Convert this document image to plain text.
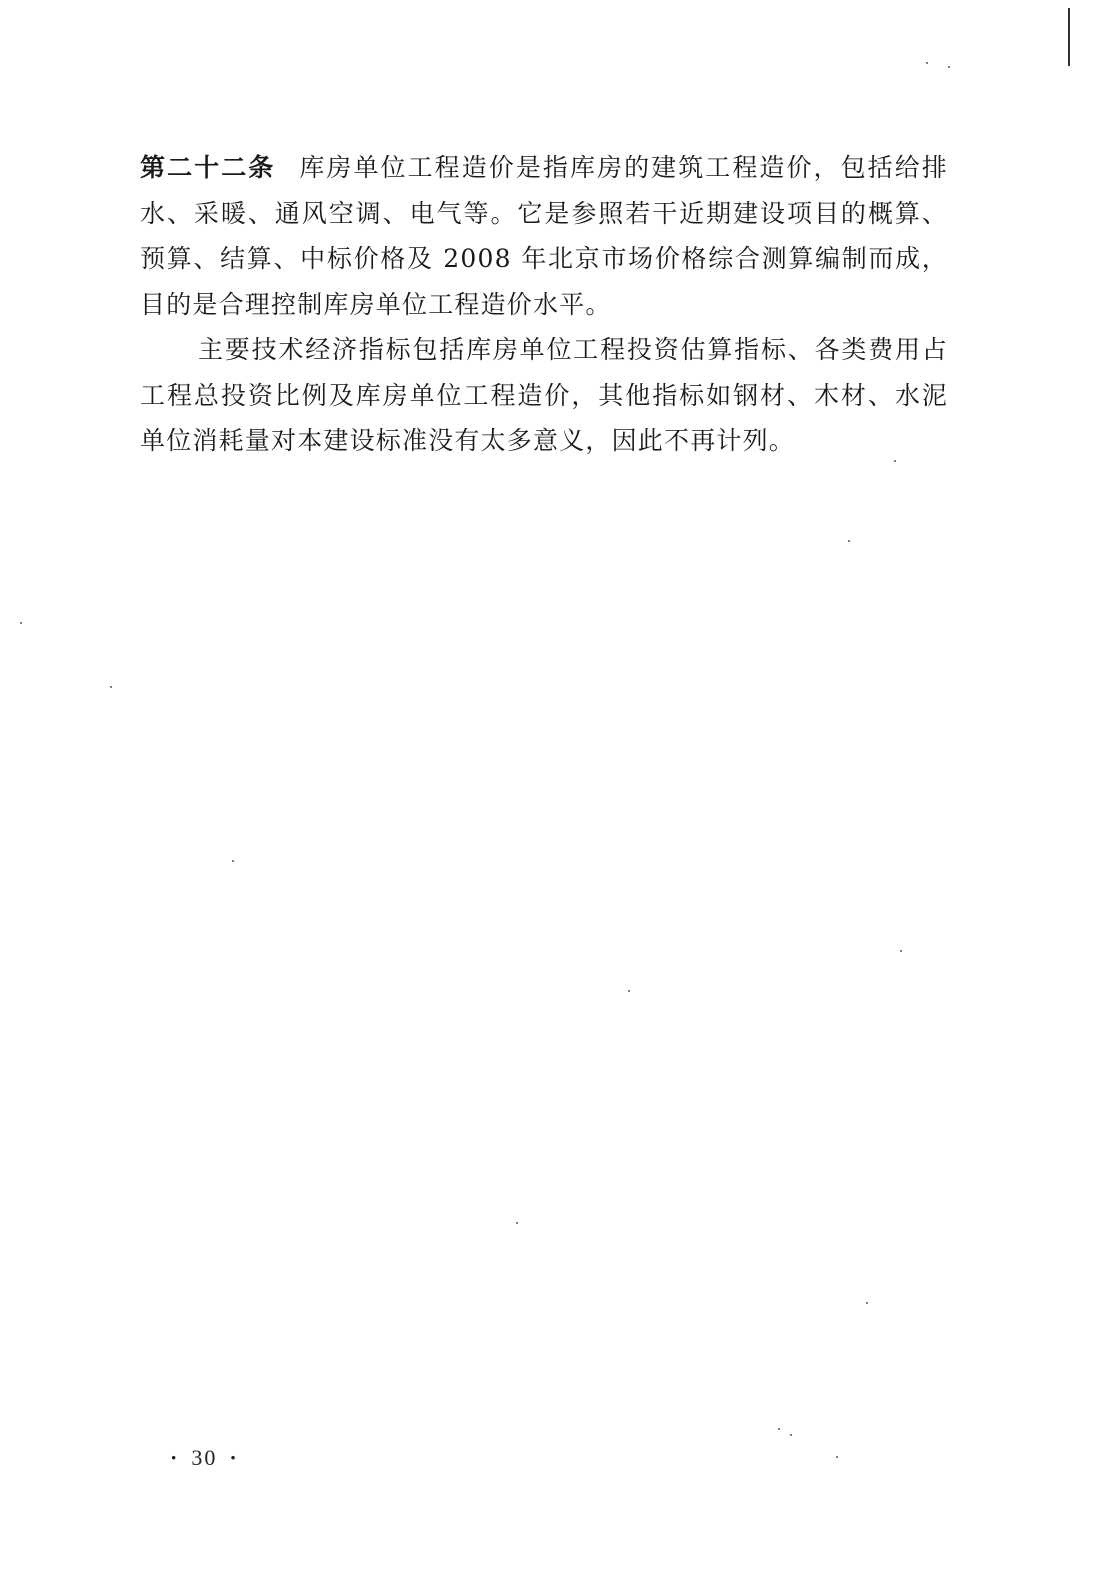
第二十二条 库房单位工程造价是指库房的建筑工程造价，包括给排水、采暖、通风空调、电气等。它是参照若干近期建设项目的概算、预算、结算、中标价格及 2008 年北京市场价格综合测算编制而成，目的是合理控制库房单位工程造价水平。

主要技术经济指标包括库房单位工程投资估算指标、各类费用占工程总投资比例及库房单位工程造价，其他指标如钢材、木材、水泥单位消耗量对本建设标准没有太多意义，因此不再计列。

· 30 ·
